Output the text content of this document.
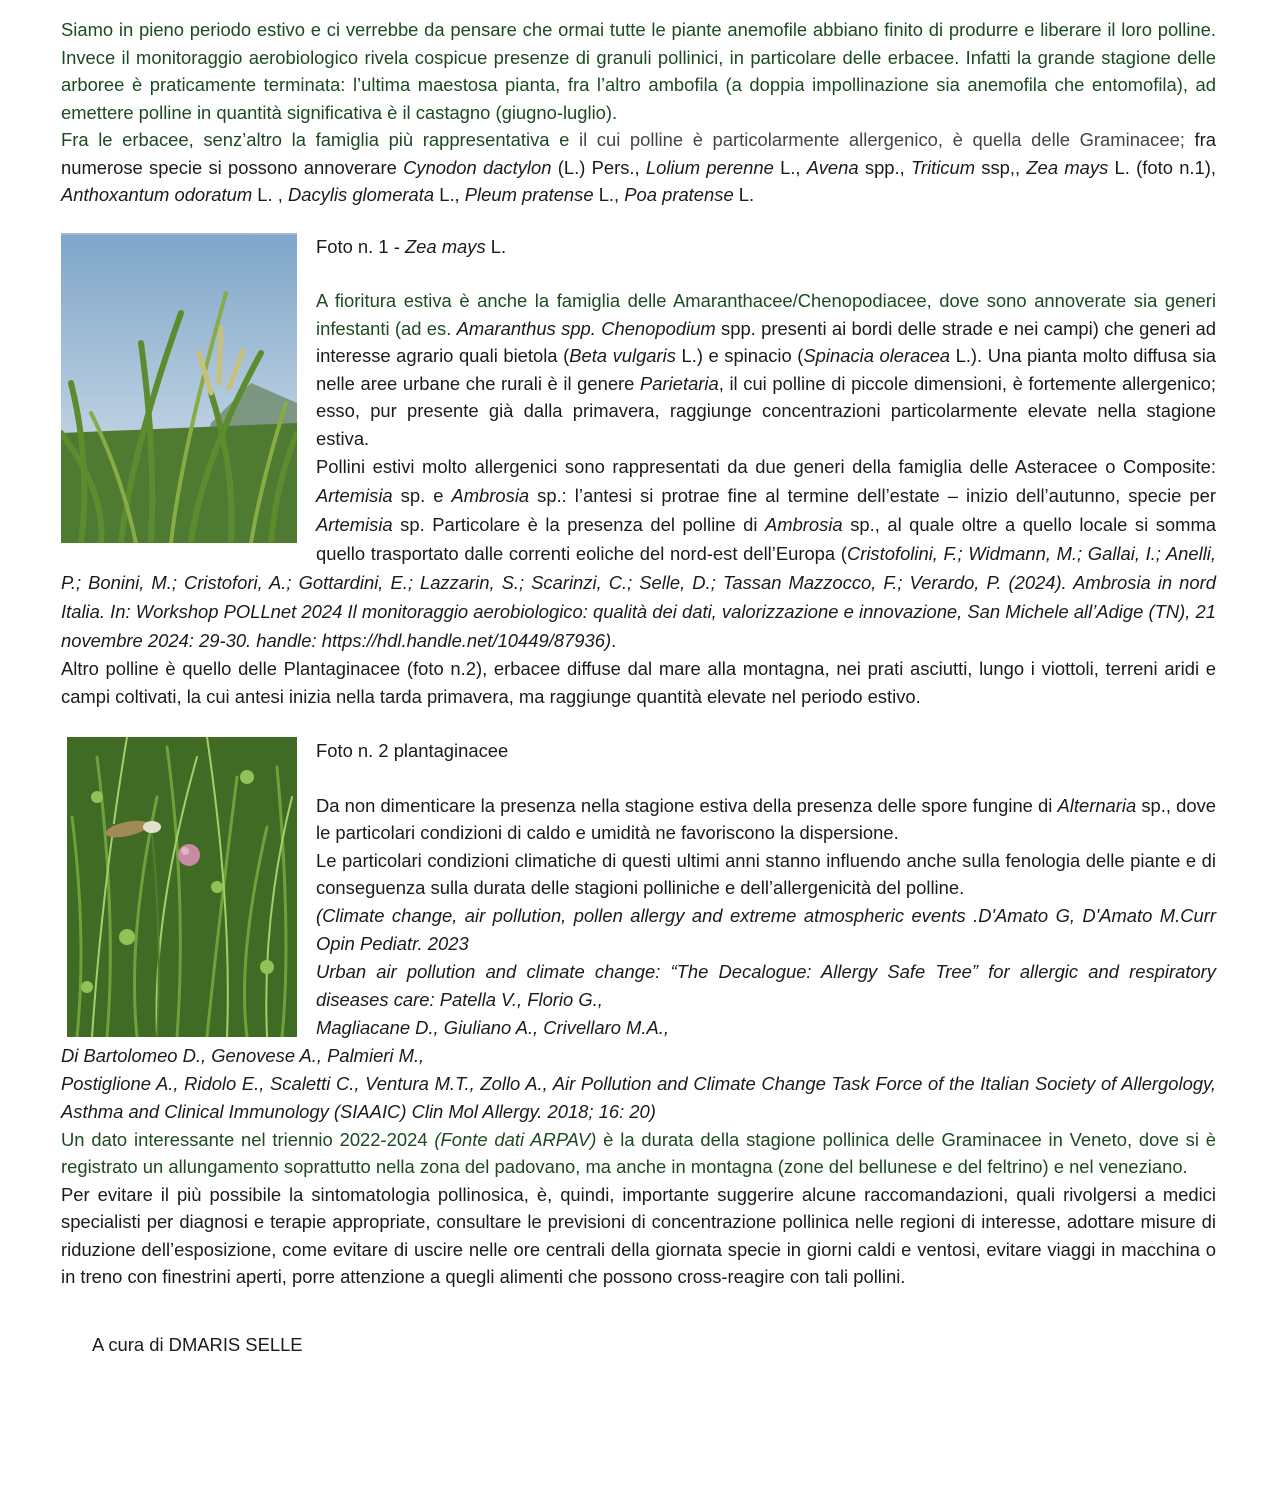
Siamo in pieno periodo estivo e ci verrebbe da pensare che ormai tutte le piante anemofile abbiano finito di produrre e liberare il loro polline. Invece il monitoraggio aerobiologico rivela cospicue presenze di granuli pollinici, in particolare delle erbacee. Infatti la grande stagione delle arboree è praticamente terminata: l’ultima maestosa pianta, fra l’altro ambofila (a doppia impollinazione sia anemofila che entomofila), ad emettere polline in quantità significativa è il castagno (giugno-luglio).

Fra le erbacee, senz’altro la famiglia più rappresentativa e il cui polline è particolarmente allergenico, è quella delle Graminacee; fra numerose specie si possono annoverare Cynodon dactylon (L.) Pers., Lolium perenne L., Avena spp., Triticum ssp,, Zea mays L. (foto n.1), Anthoxantum odoratum L. , Dacylis glomerata L., Pleum pratense L., Poa pratense L.

Foto n. 1 - Zea mays L.

A fioritura estiva è anche la famiglia delle Amaranthacee/Chenopodiacee, dove sono annoverate sia generi infestanti (ad es. Amaranthus spp. Chenopodium spp. presenti ai bordi delle strade e nei campi) che generi ad interesse agrario quali bietola (Beta vulgaris L.) e spinacio (Spinacia oleracea L.). Una pianta molto diffusa sia nelle aree urbane che rurali è il genere Parietaria, il cui polline di piccole dimensioni, è fortemente allergenico; esso, pur presente già dalla primavera, raggiunge concentrazioni particolarmente elevate nella stagione estiva.

Pollini estivi molto allergenici sono rappresentati da due generi della famiglia delle Asteracee o Composite: Artemisia sp. e Ambrosia sp.: l’antesi si protrae fine al termine dell’estate – inizio dell’autunno, specie per Artemisia sp. Particolare è la presenza del polline di Ambrosia sp., al quale oltre a quello locale si somma quello trasportato dalle correnti eoliche del nord-est dell’Europa (Cristofolini, F.; Widmann, M.; Gallai, I.; Anelli, P.; Bonini, M.; Cristofori, A.; Gottardini, E.; Lazzarin, S.; Scarinzi, C.; Selle, D.; Tassan Mazzocco, F.; Verardo, P. (2024). Ambrosia in nord Italia. In: Workshop POLLnet 2024 Il monitoraggio aerobiologico: qualità dei dati, valorizzazione e innovazione, San Michele all’Adige (TN), 21 novembre 2024: 29-30. handle: https://hdl.handle.net/10449/87936).

Altro polline è quello delle Plantaginacee (foto n.2), erbacee diffuse dal mare alla montagna, nei prati asciutti, lungo i viottoli, terreni aridi e campi coltivati, la cui antesi inizia nella tarda primavera, ma raggiunge quantità elevate nel periodo estivo.

Foto n. 2 plantaginacee

Da non dimenticare la presenza nella stagione estiva della presenza delle spore fungine di Alternaria sp., dove le particolari condizioni di caldo e umidità ne favoriscono la dispersione.

Le particolari condizioni climatiche di questi ultimi anni stanno influendo anche sulla fenologia delle piante e di conseguenza sulla durata delle stagioni polliniche e dell’allergenicità del polline.

(Climate change, air pollution, pollen allergy and extreme atmospheric events .D'Amato G, D'Amato M.Curr Opin Pediatr. 2023

Urban air pollution and climate change: “The Decalogue: Allergy Safe Tree” for allergic and respiratory diseases care: Patella V., Florio G.,

Magliacane D., Giuliano A., Crivellaro M.A.,

Di Bartolomeo D., Genovese A., Palmieri M.,

Postiglione A., Ridolo E., Scaletti C., Ventura M.T., Zollo A., Air Pollution and Climate Change Task Force of the Italian Society of Allergology, Asthma and Clinical Immunology (SIAAIC) Clin Mol Allergy. 2018; 16: 20)

Un dato interessante nel triennio 2022-2024 (Fonte dati ARPAV) è la durata della stagione pollinica delle Graminacee in Veneto, dove si è registrato un allungamento soprattutto nella zona del padovano, ma anche in montagna (zone del bellunese e del feltrino) e nel veneziano.

Per evitare il più possibile la sintomatologia pollinosica, è, quindi, importante suggerire alcune raccomandazioni, quali rivolgersi a medici specialisti per diagnosi e terapie appropriate, consultare le previsioni di concentrazione pollinica nelle regioni di interesse, adottare misure di riduzione dell’esposizione, come evitare di uscire nelle ore centrali della giornata specie in giorni caldi e ventosi, evitare viaggi in macchina o in treno con finestrini aperti, porre attenzione a quegli alimenti che possono cross-reagire con tali pollini.

A cura di DMARIS SELLE
